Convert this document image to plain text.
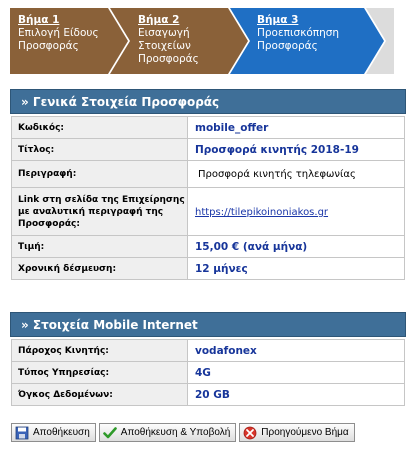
Βήμα 1
Επιλογή Είδους Προσφοράς
Βήμα 2
Εισαγωγή Στοιχείων Προσφοράς
Βήμα 3
Προεπισκόπηση Προσφοράς
» Γενικά Στοιχεία Προσφοράς
Κωδικός:	mobile_offer
Τίτλος:	Προσφορά κινητής 2018-19
Περιγραφή:	Προσφορά κινητής τηλεφωνίας
Link στη σελίδα της Επιχείρησης με αναλυτική περιγραφή της Προσφοράς:	https://tilepikoinoniakos.gr
Τιμή:	15,00 € (ανά μήνα)
Χρονική δέσμευση:	12 μήνες
» Στοιχεία Mobile Internet
Πάροχος Κινητής:	vodafonex
Τύπος Υπηρεσίας:	4G
Όγκος Δεδομένων:	20 GB
Αποθήκευση	Αποθήκευση & Υποβολή	Προηγούμενο Βήμα
